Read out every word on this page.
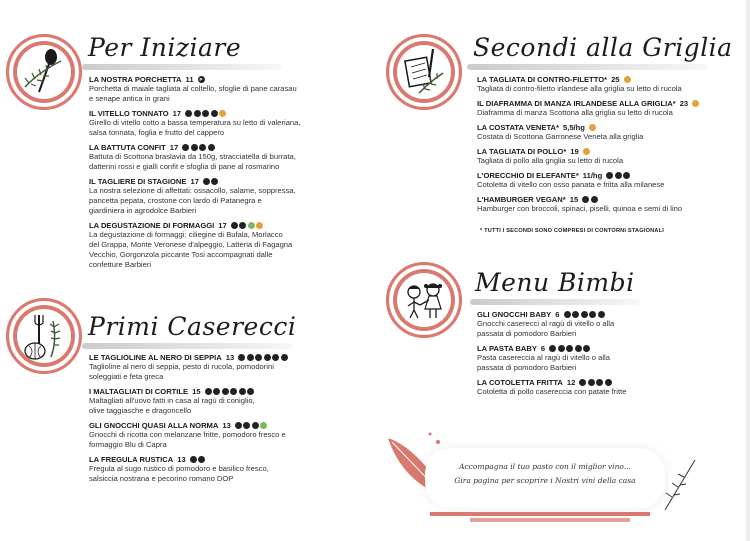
Per Iniziare
LA NOSTRA PORCHETTA 11	P
Porchetta di maiale tagliata al coltello, sfoglie di pane carasau
e senape antica in grani
IL VITELLO TONNATO 17
Girello di vitello cotto a bassa temperatura su letto di valeriana,
salsa tonnata, foglia e frutto del cappero
LA BATTUTA CONFIT 17
Battuta di Scottona braslavia da 150g, stracciatella di burrata,
datterini rossi e gialli confit e sfoglia di pane al rosmarino
IL TAGLIERE DI STAGIONE 17
La nostra selezione di affettati: ossacollo, salame, soppressa,
pancetta pepata, crostone con lardo di Patanegra e
giardiniera in agrodolce Barbieri
LA DEGUSTAZIONE DI FORMAGGI 17
La degustazione di formaggi: ciliegine di Bufala, Morlacco
del Grappa, Monte Veronese d'alpeggio, Latteria di Fagagna
Vecchio, Gorgonzola piccante Tosi accompagnati dalle
confetture Barbieri
Primi Caserecci
LE TAGLIOLINE AL NERO DI SEPPIA 13
Taglioline al nero di seppia, pesto di rucola, pomodorini
soleggiati e feta greca
I MALTAGLIATI DI CORTILE 15
Maltagliati all'uovo fatti in casa al ragù di coniglio,
olive taggiasche e dragoncello
GLI GNOCCHI QUASI ALLA NORMA 13
Gnocchi di ricotta con melanzane fritte, pomodoro fresco e
formaggio Blu di Capra
LA FREGULA RUSTICA 13
Fregula al sugo rustico di pomodoro e basilico fresco,
salsiccia nostrana e pecorino romano DOP
Secondi alla Griglia
LA TAGLIATA DI CONTRO-FILETTO* 25
Tagliata di contro-filetto irlandese alla griglia su letto di rucola
IL DIAFRAMMA DI MANZA IRLANDESE ALLA GRIGLIA* 23
Diaframma di manza Scottona alla griglia su letto di rucola
LA COSTATA VENETA* 5,5/hg
Costata di Scottona Garronese Veneta alla griglia
LA TAGLIATA DI POLLO* 19
Tagliata di pollo alla griglia su letto di rucola
L'ORECCHIO DI ELEFANTE* 11/hg
Cotoletta di vitello con osso panata e fritta alla milanese
L'HAMBURGER VEGAN* 15
Hamburger con broccoli, spinaci, piselli, quinoa e semi di lino
* TUTTI I SECONDI SONO COMPRESI DI CONTORNI STAGIONALI
Menu Bimbi
GLI GNOCCHI BABY 6
Gnocchi caserecci al ragù di vitello o alla
passata di pomodoro Barbieri
LA PASTA BABY 6
Pasta casereccia al ragù di vitello o alla
passata di pomodoro Barbieri
LA COTOLETTA FRITTA 12
Cotoletta di pollo casereccia con patate fritte
Accompagna il tuo pasto con il miglior vino...
Gira pagina per scoprire i Nostri vini della casa
